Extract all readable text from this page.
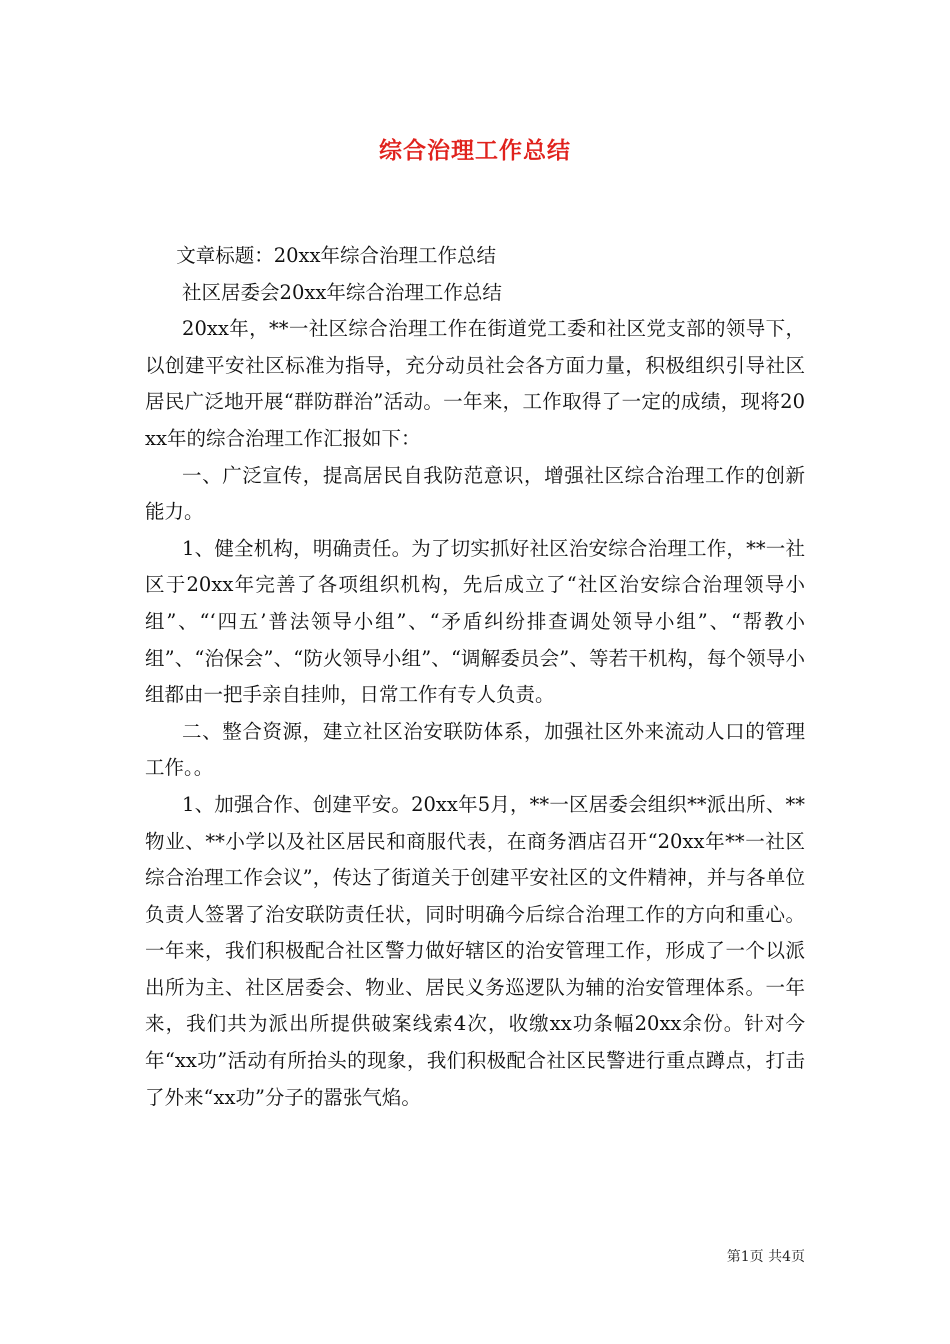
综合治理工作总结

文章标题：20xx年综合治理工作总结

社区居委会20xx年综合治理工作总结

20xx年，**一社区综合治理工作在街道党工委和社区党支部的领导下，以创建平安社区标准为指导，充分动员社会各方面力量，积极组织引导社区居民广泛地开展“群防群治”活动。一年来，工作取得了一定的成绩，现将20xx年的综合治理工作汇报如下：

一、广泛宣传，提高居民自我防范意识，增强社区综合治理工作的创新能力。

1、健全机构，明确责任。为了切实抓好社区治安综合治理工作，**一社区于20xx年完善了各项组织机构，先后成立了“社区治安综合治理领导小组”、“‘四五’普法领导小组”、“矛盾纠纷排查调处领导小组”、“帮教小组”、“治保会”、“防火领导小组”、“调解委员会”、等若干机构，每个领导小组都由一把手亲自挂帅，日常工作有专人负责。

二、整合资源，建立社区治安联防体系，加强社区外来流动人口的管理工作。。

1、加强合作、创建平安。20xx年5月，**一区居委会组织**派出所、**物业、**小学以及社区居民和商服代表，在商务酒店召开“20xx年**一社区综合治理工作会议”，传达了街道关于创建平安社区的文件精神，并与各单位负责人签署了治安联防责任状，同时明确今后综合治理工作的方向和重心。一年来，我们积极配合社区警力做好辖区的治安管理工作，形成了一个以派出所为主、社区居委会、物业、居民义务巡逻队为辅的治安管理体系。一年来，我们共为派出所提供破案线索4次，收缴xx功条幅20xx余份。针对今年“xx功”活动有所抬头的现象，我们积极配合社区民警进行重点蹲点，打击了外来“xx功”分子的嚣张气焰。

第1页 共4页
